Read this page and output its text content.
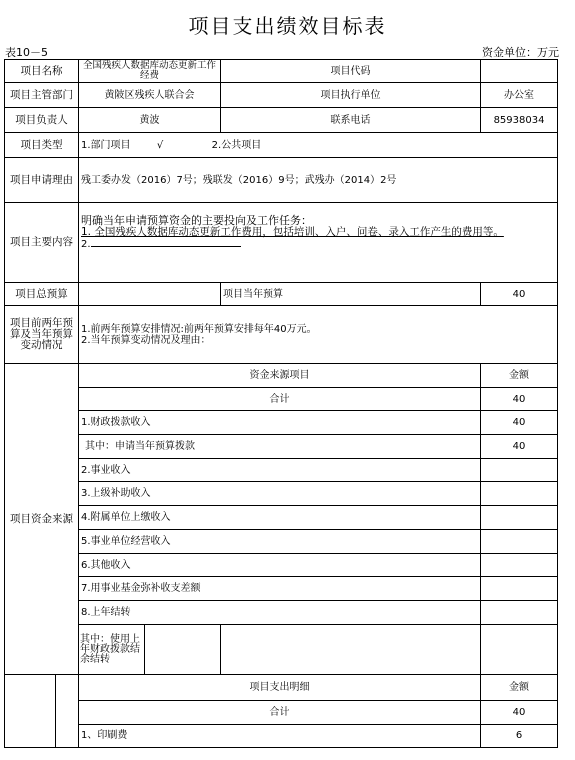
项目支出绩效目标表
表10－5	资金单位：万元
项目名称	全国残疾人数据库动态更新工作经费		项目代码	
项目主管部门	黄陂区残疾人联合会		项目执行单位	办公室
项目负责人	黄波		联系电话	85938034
项目类型	1.部门项目 √ 2.公共项目			
项目申请理由	残工委办发（2016）7号；残联发（2016）9号；武残办（2014）2号			
项目主要内容	明确当年申请预算资金的主要投向及工作任务：
1. 全国残疾人数据库动态更新工作费用，包括培训、入户、问卷、录入工作产生的费用等。
2.			

项目总预算			项目当年预算	40
项目前两年预算及当年预算变动情况	1.前两年预算安排情况:前两年预算安排每年40万元。
2.当年预算变动情况及理由：			

项目资金来源	资金来源项目			金额
	合计			40
	1.财政拨款收入			40
	其中：申请当年预算拨款			40
	2.事业收入			
	3.上级补助收入			
	4.附属单位上缴收入			
	5.事业单位经营收入			
	6.其他收入			
	7.用事业基金弥补收支差额			
	8.上年结转			
	其中：使用上年财政拨款结余结转			

	项目支出明细			金额
	合计			40
	1、印刷费			6
